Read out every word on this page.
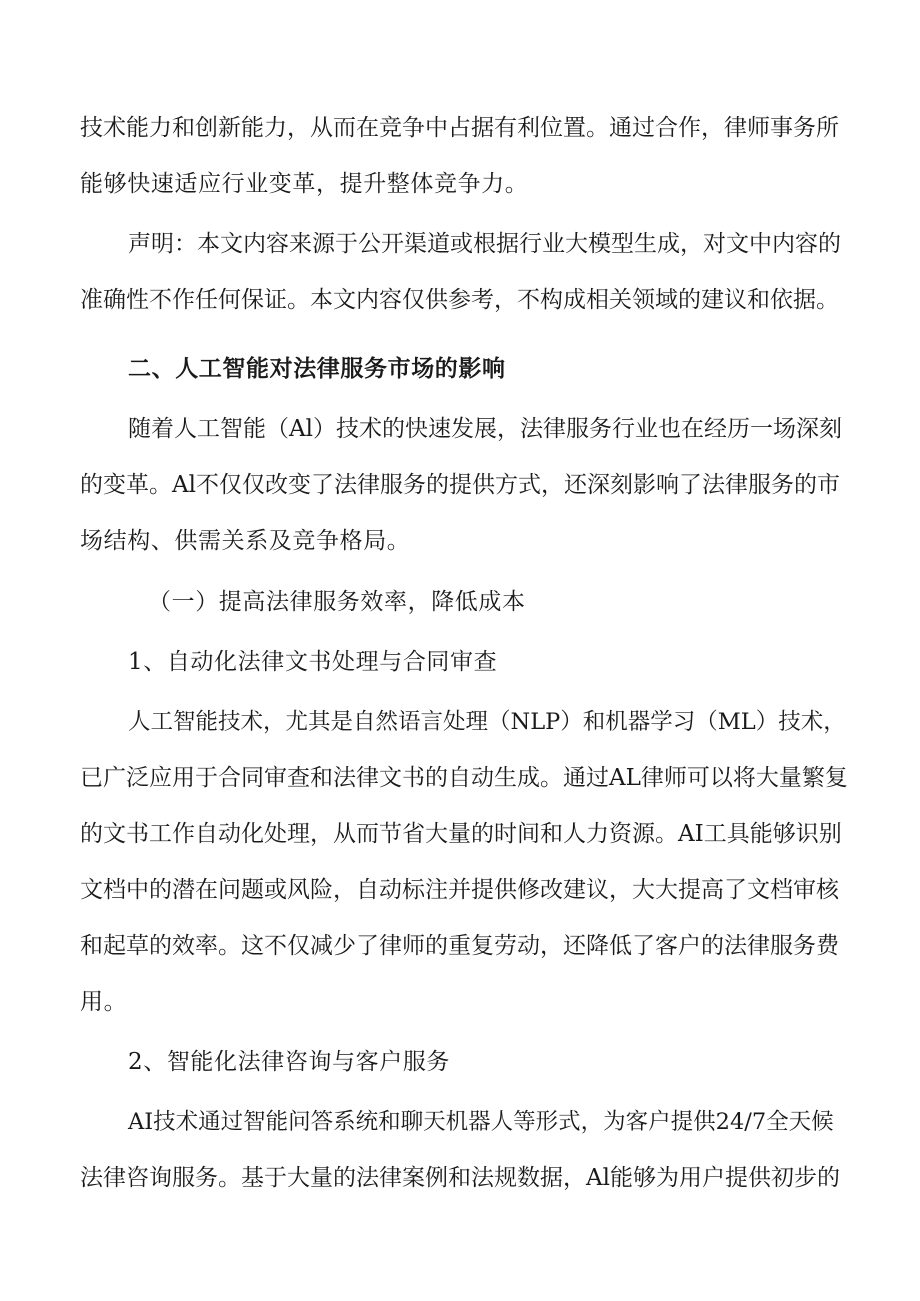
技术能力和创新能力，从而在竞争中占据有利位置。通过合作，律师事务所

能够快速适应行业变革，提升整体竞争力。

声明：本文内容来源于公开渠道或根据行业大模型生成，对文中内容的

准确性不作任何保证。本文内容仅供参考，不构成相关领域的建议和依据。

二、人工智能对法律服务市场的影响

随着人工智能（Al）技术的快速发展，法律服务行业也在经历一场深刻

的变革。Al不仅仅改变了法律服务的提供方式，还深刻影响了法律服务的市

场结构、供需关系及竞争格局。

（一）提高法律服务效率，降低成本

1、自动化法律文书处理与合同审查

人工智能技术，尤其是自然语言处理（NLP）和机器学习（ML）技术，

已广泛应用于合同审查和法律文书的自动生成。通过AL律师可以将大量繁复

的文书工作自动化处理，从而节省大量的时间和人力资源。AI工具能够识别

文档中的潜在问题或风险，自动标注并提供修改建议，大大提高了文档审核

和起草的效率。这不仅减少了律师的重复劳动，还降低了客户的法律服务费

用。

2、智能化法律咨询与客户服务

AI技术通过智能问答系统和聊天机器人等形式，为客户提供24/7全天候

法律咨询服务。基于大量的法律案例和法规数据，Al能够为用户提供初步的
